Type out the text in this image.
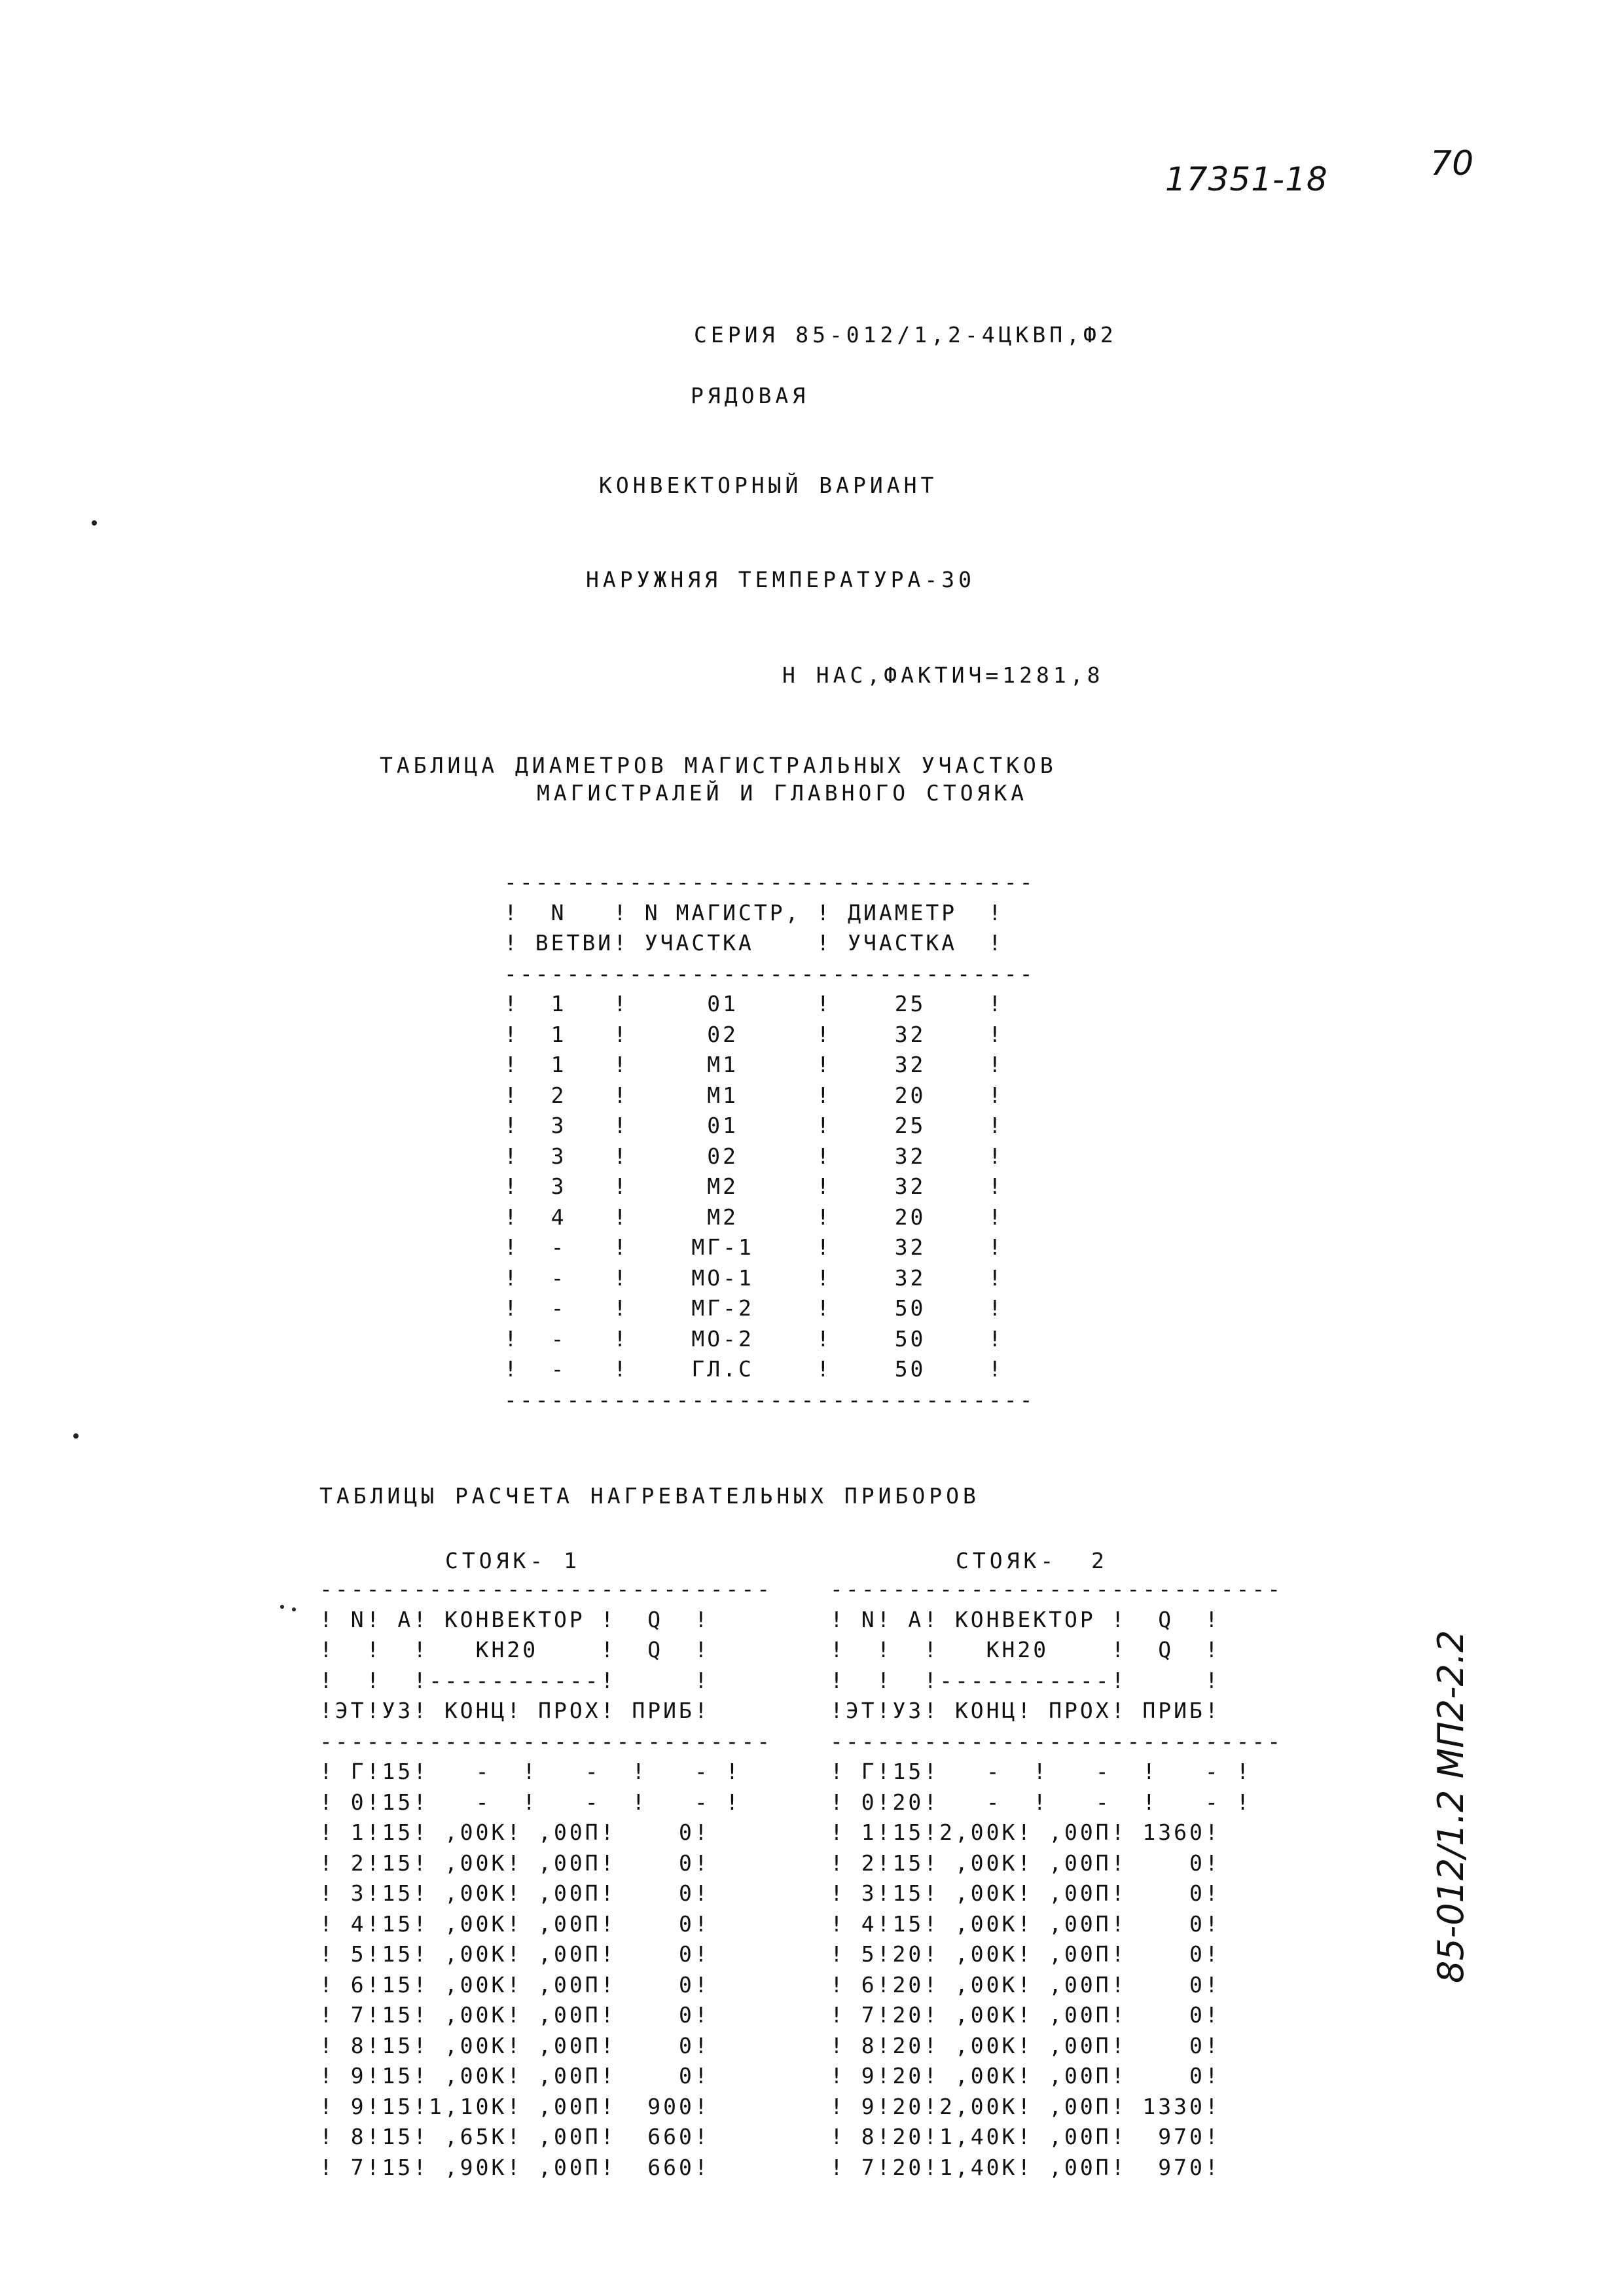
17351-18	70
85-012/1.2 МП2-2.2
СЕРИЯ 85-012/1,2-4ЦКВП,Ф2
РЯДОВАЯ
КОНВЕКТОРНЫЙ ВАРИАНТ
НАРУЖНЯЯ ТЕМПЕРАТУРА-30
Н НАС,ФАКТИЧ=1281,8
ТАБЛИЦА ДИАМЕТРОВ МАГИСТРАЛЬНЫХ УЧАСТКОВ
МАГИСТРАЛЕЙ И ГЛАВНОГО СТОЯКА
----------------------------------
!  N   ! N МАГИСТР, ! ДИАМЕТР  !
! ВЕТВИ! УЧАСТКА    ! УЧАСТКА  !
----------------------------------
!  1   !     01     !    25    !
!  1   !     02     !    32    !
!  1   !     М1     !    32    !
!  2   !     М1     !    20    !
!  3   !     01     !    25    !
!  3   !     02     !    32    !
!  3   !     М2     !    32    !
!  4   !     М2     !    20    !
!  -   !    МГ-1    !    32    !
!  -   !    МО-1    !    32    !
!  -   !    МГ-2    !    50    !
!  -   !    МО-2    !    50    !
!  -   !    ГЛ.С    !    50    !
----------------------------------
ТАБЛИЦЫ РАСЧЕТА НАГРЕВАТЕЛЬНЫХ ПРИБОРОВ
СТОЯК- 1	СТОЯК-  2
-----------------------------
! N! А! КОНВЕКТОР !  Q  !
!  !  !   КН20    !  Q  !
!  !  !-----------!     !
!ЭТ!УЗ! КОНЦ! ПРОХ! ПРИБ!
-----------------------------
! Г!15!   -  !   -  !   - !
! 0!15!   -  !   -  !   - !
! 1!15! ,00К! ,00П!    0!
! 2!15! ,00К! ,00П!    0!
! 3!15! ,00К! ,00П!    0!
! 4!15! ,00К! ,00П!    0!
! 5!15! ,00К! ,00П!    0!
! 6!15! ,00К! ,00П!    0!
! 7!15! ,00К! ,00П!    0!
! 8!15! ,00К! ,00П!    0!
! 9!15! ,00К! ,00П!    0!
! 9!15!1,10К! ,00П!  900!
! 8!15! ,65К! ,00П!  660!
! 7!15! ,90К! ,00П!  660!
-----------------------------
! N! А! КОНВЕКТОР !  Q  !
!  !  !   КН20    !  Q  !
!  !  !-----------!     !
!ЭТ!УЗ! КОНЦ! ПРОХ! ПРИБ!
-----------------------------
! Г!15!   -  !   -  !   - !
! 0!20!   -  !   -  !   - !
! 1!15!2,00К! ,00П! 1360!
! 2!15! ,00К! ,00П!    0!
! 3!15! ,00К! ,00П!    0!
! 4!15! ,00К! ,00П!    0!
! 5!20! ,00К! ,00П!    0!
! 6!20! ,00К! ,00П!    0!
! 7!20! ,00К! ,00П!    0!
! 8!20! ,00К! ,00П!    0!
! 9!20! ,00К! ,00П!    0!
! 9!20!2,00К! ,00П! 1330!
! 8!20!1,40К! ,00П!  970!
! 7!20!1,40К! ,00П!  970!
